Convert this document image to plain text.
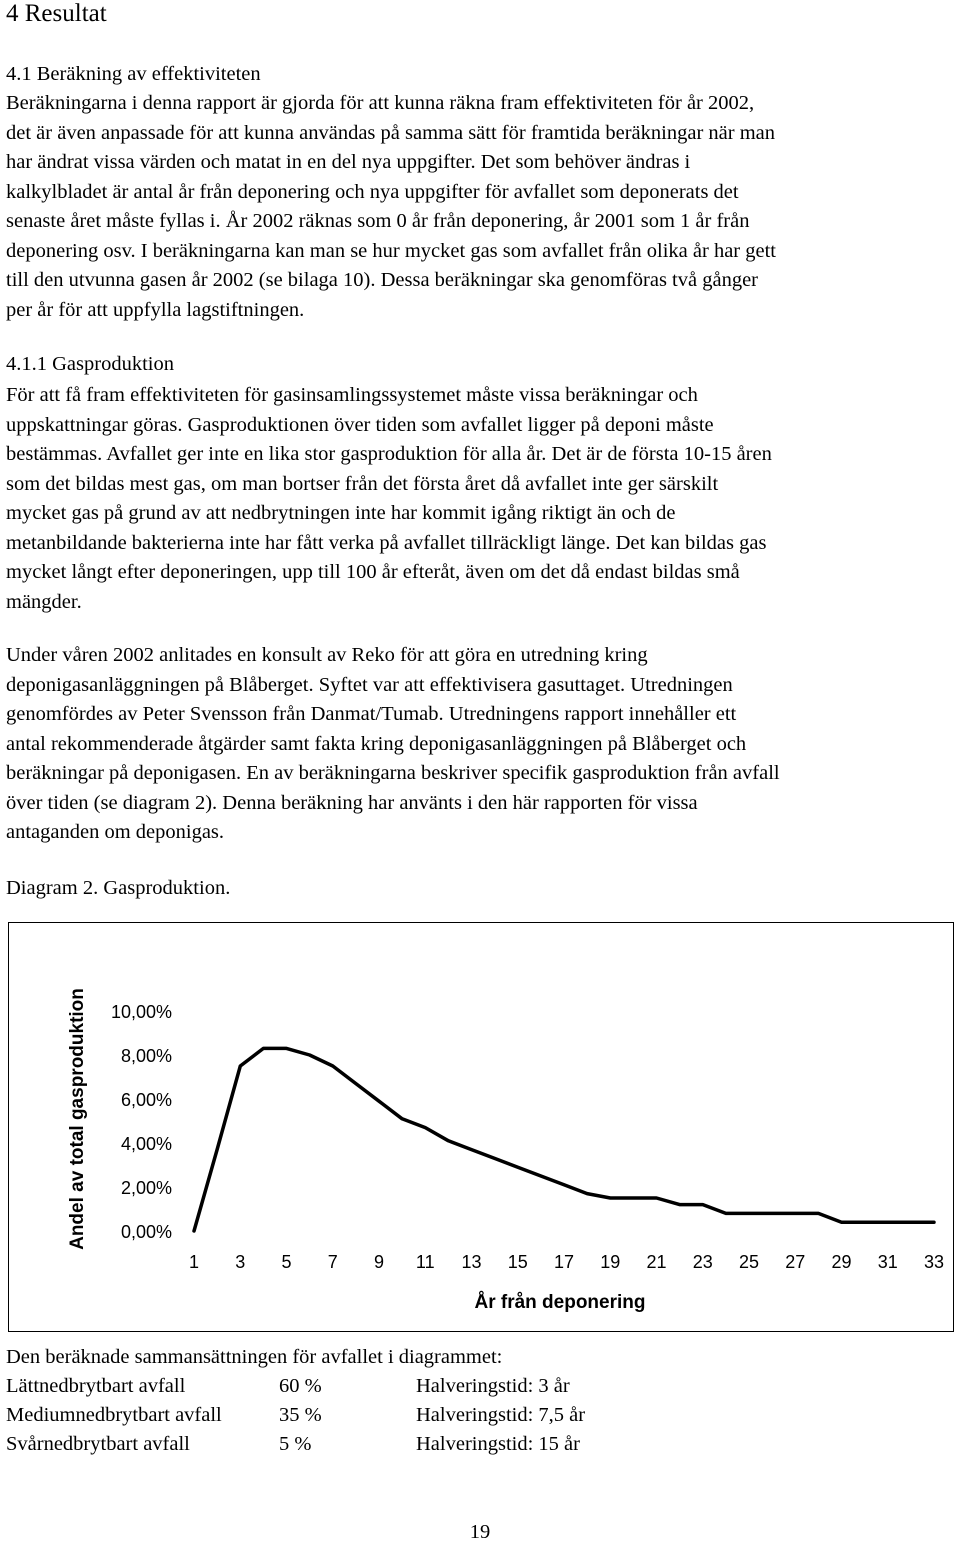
4 Resultat
4.1 Beräkning av effektiviteten
Beräkningarna i denna rapport är gjorda för att kunna räkna fram effektiviteten för år 2002,
det är även anpassade för att kunna användas på samma sätt för framtida beräkningar när man
har ändrat vissa värden och matat in en del nya uppgifter. Det som behöver ändras i
kalkylbladet är antal år från deponering och nya uppgifter för avfallet som deponerats det
senaste året måste fyllas i. År 2002 räknas som 0 år från deponering, år 2001 som 1 år från
deponering osv. I beräkningarna kan man se hur mycket gas som avfallet från olika år har gett
till den utvunna gasen år 2002 (se bilaga 10). Dessa beräkningar ska genomföras två gånger
per år för att uppfylla lagstiftningen.
4.1.1 Gasproduktion
För att få fram effektiviteten för gasinsamlingssystemet måste vissa beräkningar och
uppskattningar göras. Gasproduktionen över tiden som avfallet ligger på deponi måste
bestämmas. Avfallet ger inte en lika stor gasproduktion för alla år. Det är de första 10-15 åren
som det bildas mest gas, om man bortser från det första året då avfallet inte ger särskilt
mycket gas på grund av att nedbrytningen inte har kommit igång riktigt än och de
metanbildande bakterierna inte har fått verka på avfallet tillräckligt länge. Det kan bildas gas
mycket långt efter deponeringen, upp till 100 år efteråt, även om det då endast bildas små
mängder.
Under våren 2002 anlitades en konsult av Reko för att göra en utredning kring
deponigasanläggningen på Blåberget. Syftet var att effektivisera gasuttaget. Utredningen
genomfördes av Peter Svensson från Danmat/Tumab. Utredningens rapport innehåller ett
antal rekommenderade åtgärder samt fakta kring deponigasanläggningen på Blåberget och
beräkningar på deponigasen. En av beräkningarna beskriver specifik gasproduktion från avfall
över tiden (se diagram 2). Denna beräkning har använts i den här rapporten för vissa
antaganden om deponigas.
Diagram 2. Gasproduktion.
0,00%
2,00%
4,00%
6,00%
8,00%
10,00%
1 3 5 7 9 11 13 15 17 19 21 23 25 27 29 31 33
År från deponering
Andel av total gasproduktion
Den beräknade sammansättningen för avfallet i diagrammet:
Lättnedbrytbart avfall	60 %	Halveringstid: 3 år
Mediumnedbrytbart avfall	35 %	Halveringstid: 7,5 år
Svårnedbrytbart avfall	5 %	Halveringstid: 15 år
19
